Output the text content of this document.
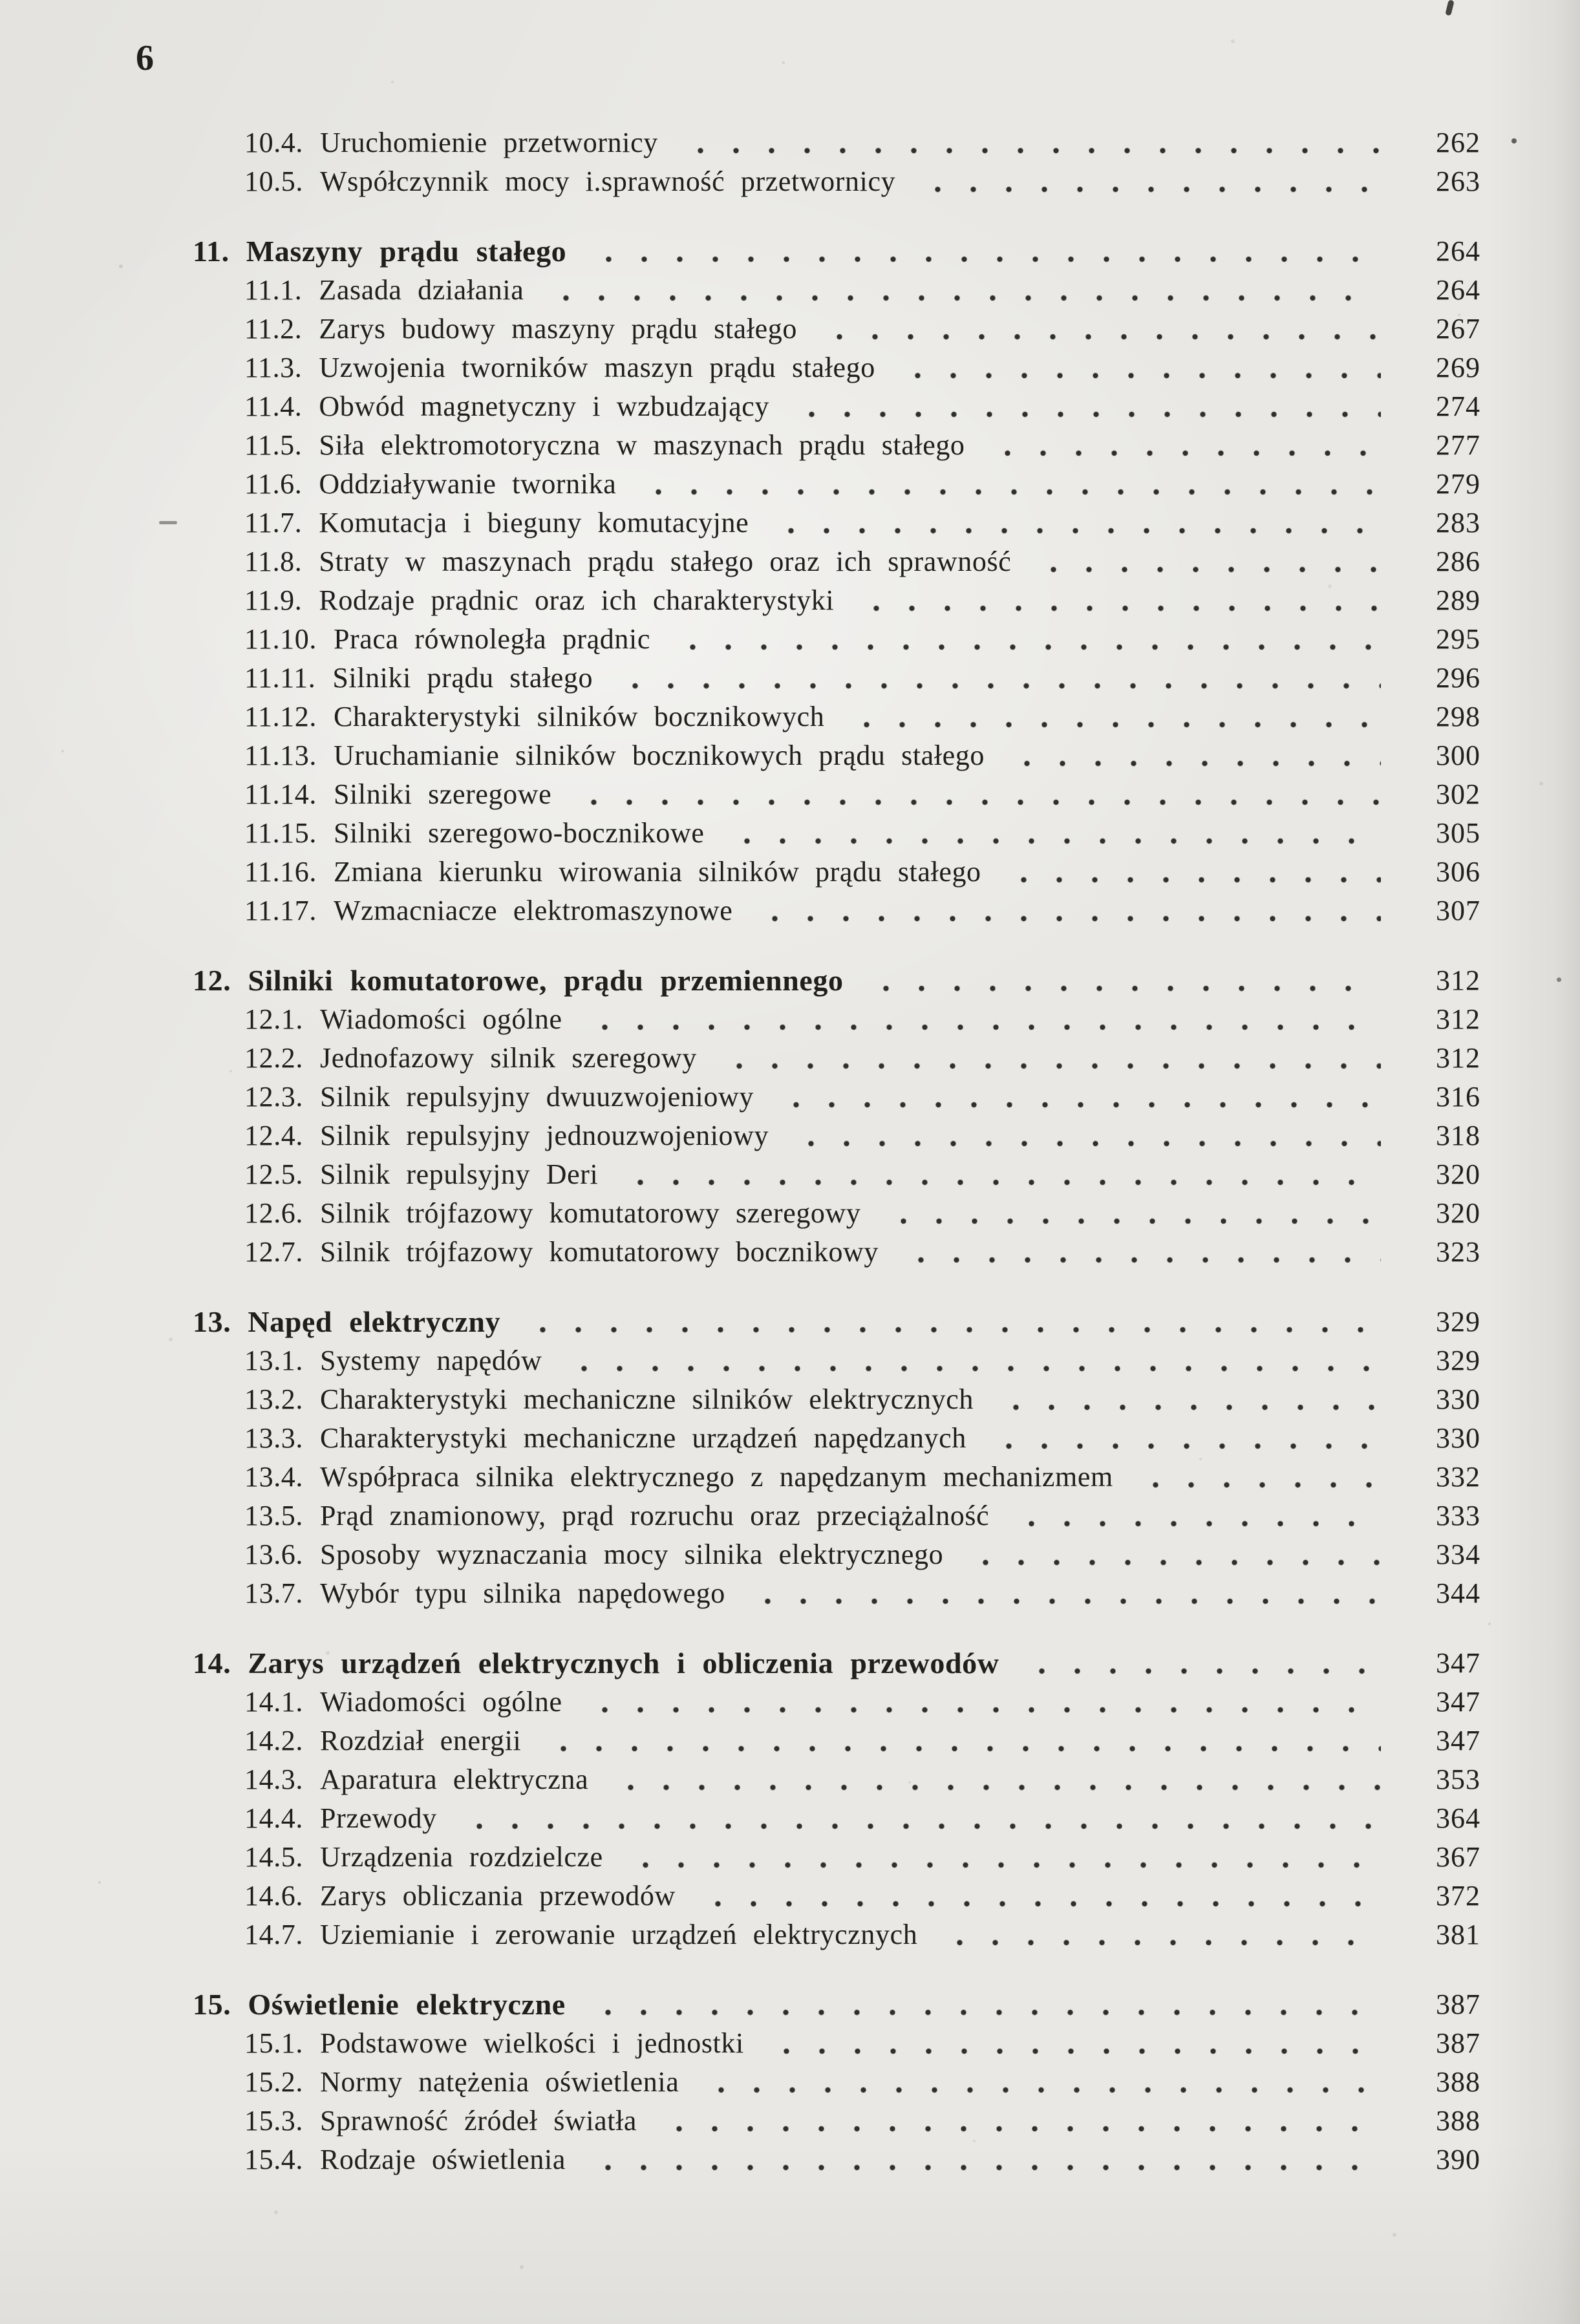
6
10.4. Uruchomienie przetwornicy	262
10.5. Współczynnik mocy i.sprawność przetwornicy	263
11. Maszyny prądu stałego	264
11.1. Zasada działania	264
11.2. Zarys budowy maszyny prądu stałego	267
11.3. Uzwojenia tworników maszyn prądu stałego	269
11.4. Obwód magnetyczny i wzbudzający	274
11.5. Siła elektromotoryczna w maszynach prądu stałego	277
11.6. Oddziaływanie twornika	279
11.7. Komutacja i bieguny komutacyjne	283
11.8. Straty w maszynach prądu stałego oraz ich sprawność	286
11.9. Rodzaje prądnic oraz ich charakterystyki	289
11.10. Praca równoległa prądnic	295
11.11. Silniki prądu stałego	296
11.12. Charakterystyki silników bocznikowych	298
11.13. Uruchamianie silników bocznikowych prądu stałego	300
11.14. Silniki szeregowe	302
11.15. Silniki szeregowo-bocznikowe	305
11.16. Zmiana kierunku wirowania silników prądu stałego	306
11.17. Wzmacniacze elektromaszynowe	307
12. Silniki komutatorowe, prądu przemiennego	312
12.1. Wiadomości ogólne	312
12.2. Jednofazowy silnik szeregowy	312
12.3. Silnik repulsyjny dwuuzwojeniowy	316
12.4. Silnik repulsyjny jednouzwojeniowy	318
12.5. Silnik repulsyjny Deri	320
12.6. Silnik trójfazowy komutatorowy szeregowy	320
12.7. Silnik trójfazowy komutatorowy bocznikowy	323
13. Napęd elektryczny	329
13.1. Systemy napędów	329
13.2. Charakterystyki mechaniczne silników elektrycznych	330
13.3. Charakterystyki mechaniczne urządzeń napędzanych	330
13.4. Współpraca silnika elektrycznego z napędzanym mechanizmem	332
13.5. Prąd znamionowy, prąd rozruchu oraz przeciążalność	333
13.6. Sposoby wyznaczania mocy silnika elektrycznego	334
13.7. Wybór typu silnika napędowego	344
14. Zarys urządzeń elektrycznych i obliczenia przewodów	347
14.1. Wiadomości ogólne	347
14.2. Rozdział energii	347
14.3. Aparatura elektryczna	353
14.4. Przewody	364
14.5. Urządzenia rozdzielcze	367
14.6. Zarys obliczania przewodów	372
14.7. Uziemianie i zerowanie urządzeń elektrycznych	381
15. Oświetlenie elektryczne	387
15.1. Podstawowe wielkości i jednostki	387
15.2. Normy natężenia oświetlenia	388
15.3. Sprawność źródeł światła	388
15.4. Rodzaje oświetlenia	390
